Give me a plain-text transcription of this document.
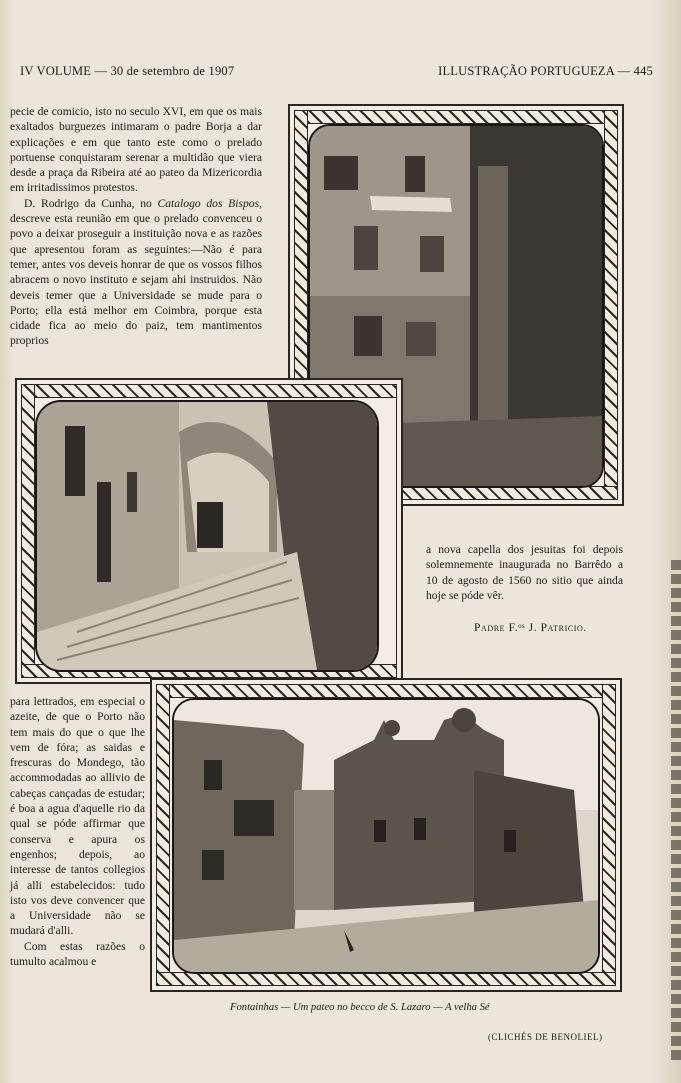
IV VOLUME — 30 de setembro de 1907	ILLUSTRAÇÃO PORTUGUEZA — 445

pecie de comicio, isto no seculo XVI, em que os mais exaltados burguezes intimaram o padre Borja a dar explicações e em que tanto este como o prelado portuense conquistaram serenar a multidão que viera desde a praça da Ribeira até ao pateo da Mizericordia em irritadissimos protestos.

D. Rodrigo da Cunha, no Catalogo dos Bispos, descreve esta reunião em que o prelado convenceu o povo a deixar proseguir a instituição nova e as razões que apresentou foram as seguintes:—Não é para temer, antes vos deveis honrar de que os vossos filhos abracem o novo instituto e sejam ahi instruidos. Não deveis temer que a Universidade se mude para o Porto; ella está melhor em Coimbra, porque esta cidade fica ao meio do paiz, tem mantimentos proprios

a nova capella dos jesuitas foi depois solemnemente inaugurada no Barrêdo a 10 de agosto de 1560 no sitio que ainda hoje se póde vêr.

Padre F.ᵒˢ J. Patricio.

para lettrados, em especial o azeite, de que o Porto não tem mais do que o que lhe vem de fóra; as saidas e frescuras do Mondego, tão accommodadas ao allivio de cabeças cançadas de estudar; é boa a agua d'aquelle rio da qual se póde affirmar que conserva e apura os engenhos; depois, ao interesse de tantos collegios já alli estabelecidos: tudo isto vos deve convencer que a Universidade não se mudará d'alli.

Com estas razões o tumulto acalmou e

Fontainhas — Um pateo no becco de S. Lazaro — A velha Sé
(CLICHÉS DE BENOLIEL)
